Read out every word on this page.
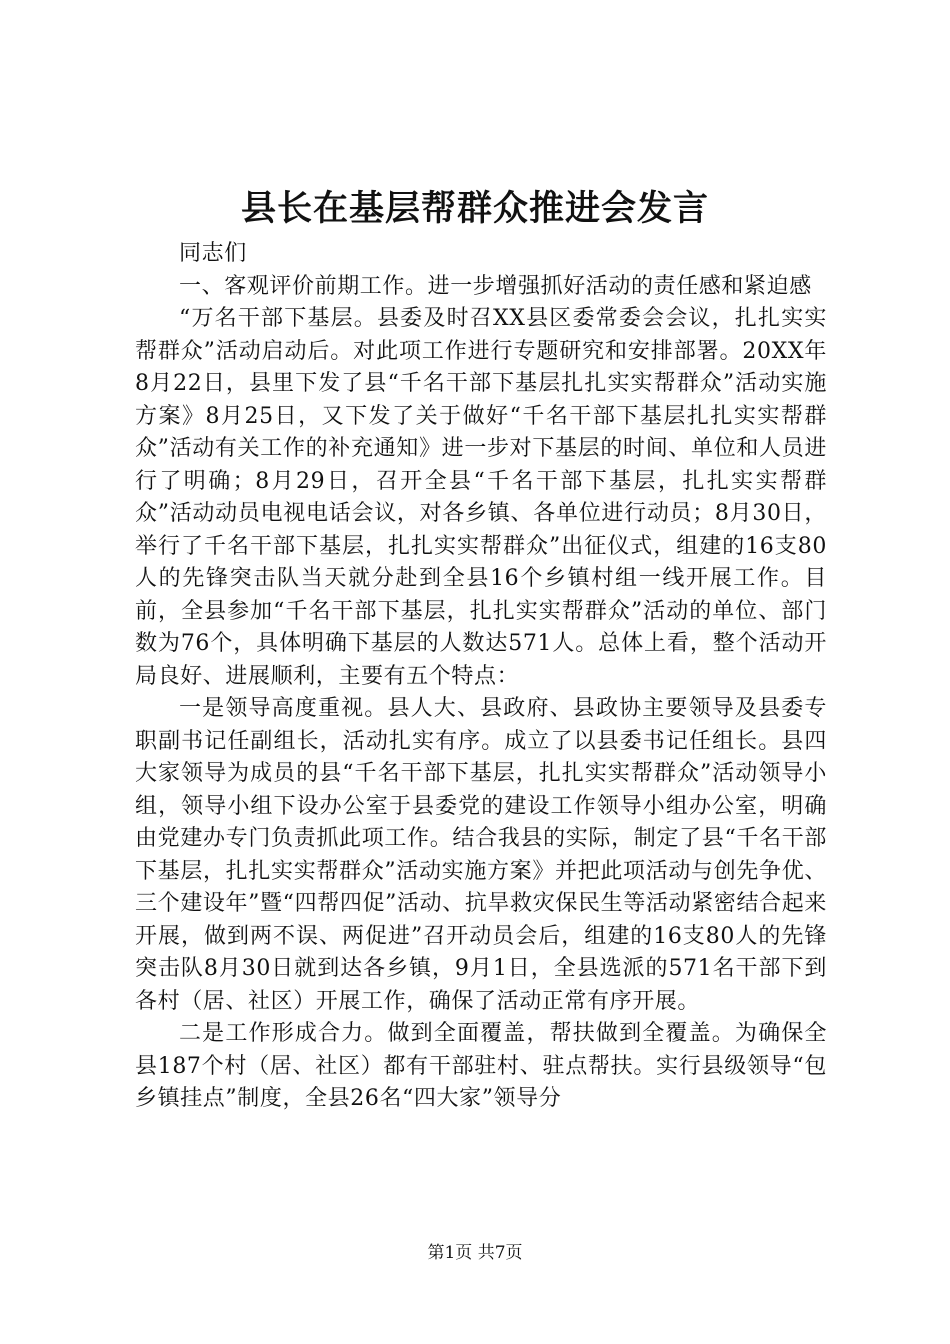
县长在基层帮群众推进会发言

同志们

一、客观评价前期工作。进一步增强抓好活动的责任感和紧迫感

“万名干部下基层。县委及时召XX县区委常委会会议，扎扎实实帮群众”活动启动后。对此项工作进行专题研究和安排部署。20XX年8月22日，县里下发了县“千名干部下基层扎扎实实帮群众”活动实施方案》8月25日，又下发了关于做好“千名干部下基层扎扎实实帮群众”活动有关工作的补充通知》进一步对下基层的时间、单位和人员进行了明确；8月29日，召开全县“千名干部下基层，扎扎实实帮群众”活动动员电视电话会议，对各乡镇、各单位进行动员；8月30日，举行了千名干部下基层，扎扎实实帮群众”出征仪式，组建的16支80人的先锋突击队当天就分赴到全县16个乡镇村组一线开展工作。目前，全县参加“千名干部下基层，扎扎实实帮群众”活动的单位、部门数为76个，具体明确下基层的人数达571人。总体上看，整个活动开局良好、进展顺利，主要有五个特点：

一是领导高度重视。县人大、县政府、县政协主要领导及县委专职副书记任副组长，活动扎实有序。成立了以县委书记任组长。县四大家领导为成员的县“千名干部下基层，扎扎实实帮群众”活动领导小组，领导小组下设办公室于县委党的建设工作领导小组办公室，明确由党建办专门负责抓此项工作。结合我县的实际，制定了县“千名干部下基层，扎扎实实帮群众”活动实施方案》并把此项活动与创先争优、三个建设年”暨“四帮四促”活动、抗旱救灾保民生等活动紧密结合起来开展，做到两不误、两促进”召开动员会后，组建的16支80人的先锋突击队8月30日就到达各乡镇，9月1日，全县选派的571名干部下到各村（居、社区）开展工作，确保了活动正常有序开展。

二是工作形成合力。做到全面覆盖，帮扶做到全覆盖。为确保全县187个村（居、社区）都有干部驻村、驻点帮扶。实行县级领导“包乡镇挂点”制度，全县26名“四大家”领导分

第1页 共7页
